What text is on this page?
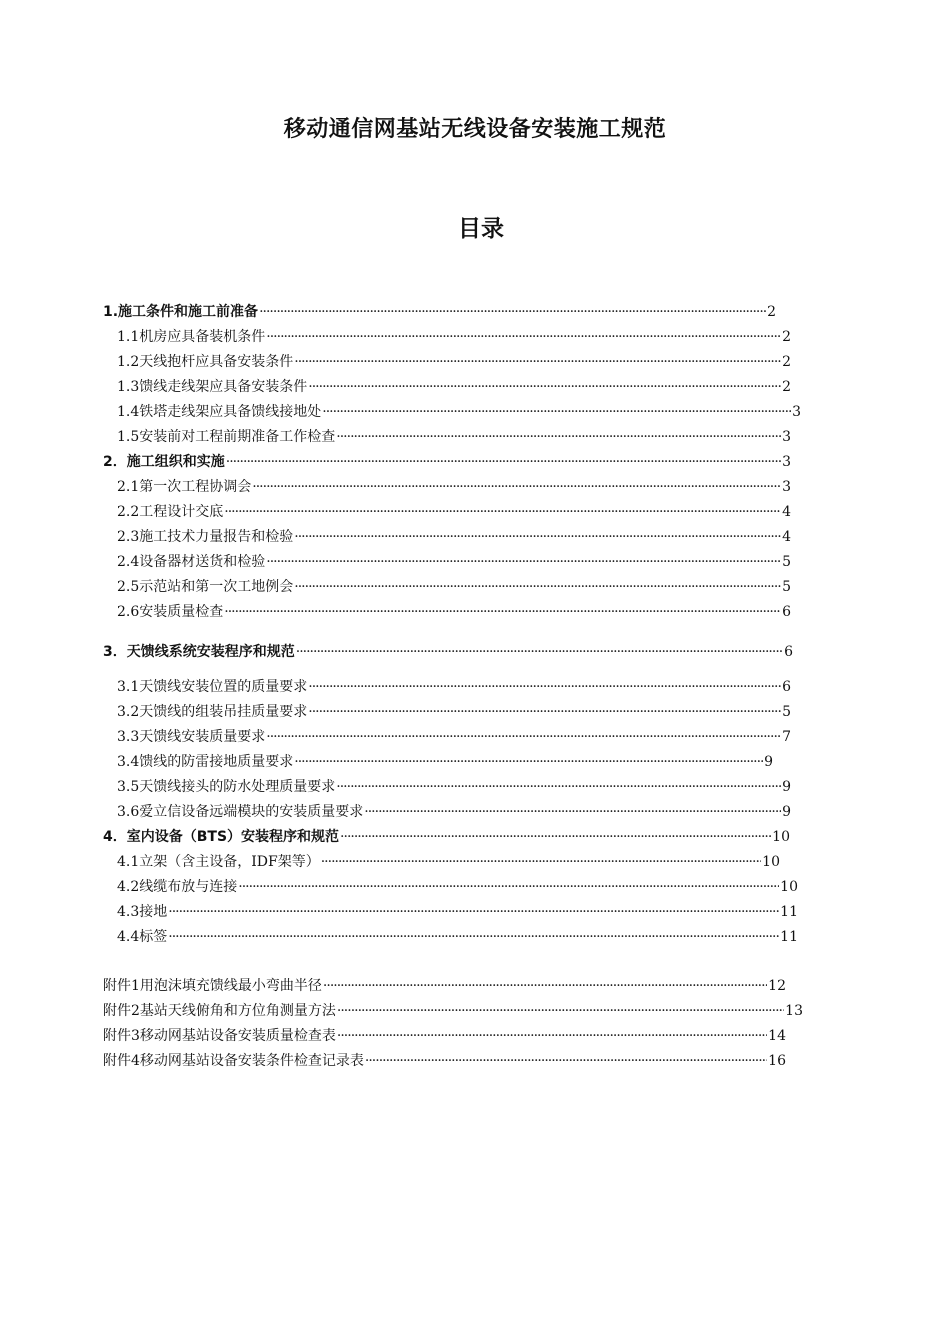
移动通信网基站无线设备安装施工规范
目录
1.施工条件和施工前准备 ·····	2
1.1机房应具备装机条件 ·····	2
1.2天线抱杆应具备安装条件 ·····	2
1.3馈线走线架应具备安装条件 ·····	2
1.4铁塔走线架应具备馈线接地处 ·····	3
1.5安装前对工程前期准备工作检查 ·····	3
2．施工组织和实施 ·····	3
2.1第一次工程协调会 ·····	3
2.2工程设计交底 ·····	4
2.3施工技术力量报告和检验 ·····	4
2.4设备器材送货和检验 ·····	5
2.5示范站和第一次工地例会 ·····	5
2.6安装质量检查 ·····	6
3．天馈线系统安装程序和规范 ·····	6
3.1天馈线安装位置的质量要求 ·····	6
3.2天馈线的组装吊挂质量要求 ·····	5
3.3天馈线安装质量要求 ·····	7
3.4馈线的防雷接地质量要求 ·····	9
3.5天馈线接头的防水处理质量要求 ·····	9
3.6爱立信设备远端模块的安装质量要求 ·····	9
4．室内设备（BTS）安装程序和规范 ·····	10
4.1立架（含主设备，IDF架等） ·····	10
4.2线缆布放与连接 ·····	10
4.3接地 ·····	11
4.4标签 ·····	11
附件1用泡沫填充馈线最小弯曲半径 ·····	12
附件2基站天线俯角和方位角测量方法 ·····	13
附件3移动网基站设备安装质量检查表 ·····	14
附件4移动网基站设备安装条件检查记录表 ·····	16
